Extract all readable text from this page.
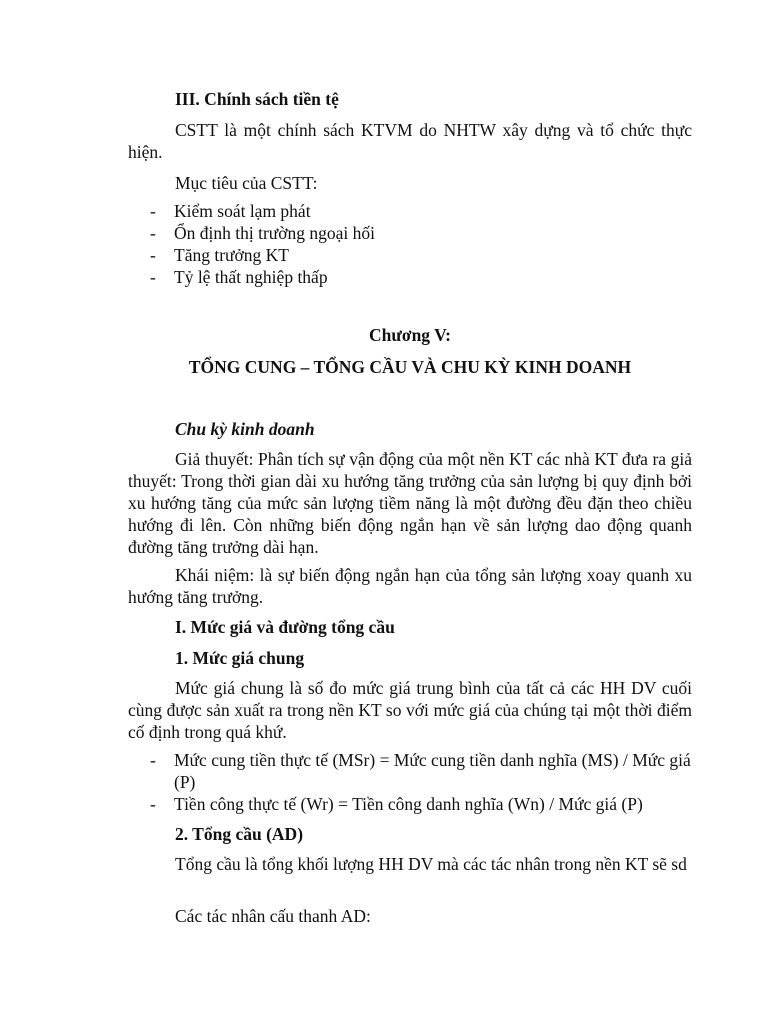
III. Chính sách tiền tệ

CSTT là một chính sách KTVM do NHTW xây dựng và tổ chức thực hiện.

Mục tiêu của CSTT:

- Kiểm soát lạm phát
- Ổn định thị trường ngoại hối
- Tăng trưởng KT
- Tỷ lệ thất nghiệp thấp

Chương V:

TỔNG CUNG – TỔNG CẦU VÀ CHU KỲ KINH DOANH

Chu kỳ kinh doanh

Giả thuyết: Phân tích sự vận động của một nền KT các nhà KT đưa ra giả thuyết: Trong thời gian dài xu hướng tăng trưởng của sản lượng bị quy định bởi xu hướng tăng của mức sản lượng tiềm năng là một đường đều đặn theo chiều hướng đi lên. Còn những biến động ngắn hạn về sản lượng dao động quanh đường tăng trưởng dài hạn.

Khái niệm: là sự biến động ngắn hạn của tổng sản lượng xoay quanh xu hướng tăng trưởng.

I. Mức giá và đường tổng cầu

1. Mức giá chung

Mức giá chung là số đo mức giá trung bình của tất cả các HH DV cuối cùng được sản xuất ra trong nền KT so với mức giá của chúng tại một thời điểm cố định trong quá khứ.

- Mức cung tiền thực tế (MSr) = Mức cung tiền danh nghĩa (MS) / Mức giá (P)
- Tiền công thực tế (Wr) = Tiền công danh nghĩa (Wn) / Mức giá (P)

2. Tổng cầu (AD)

Tổng cầu là tổng khối lượng HH DV mà các tác nhân trong nền KT sẽ sd

Các tác nhân cấu thanh AD:
